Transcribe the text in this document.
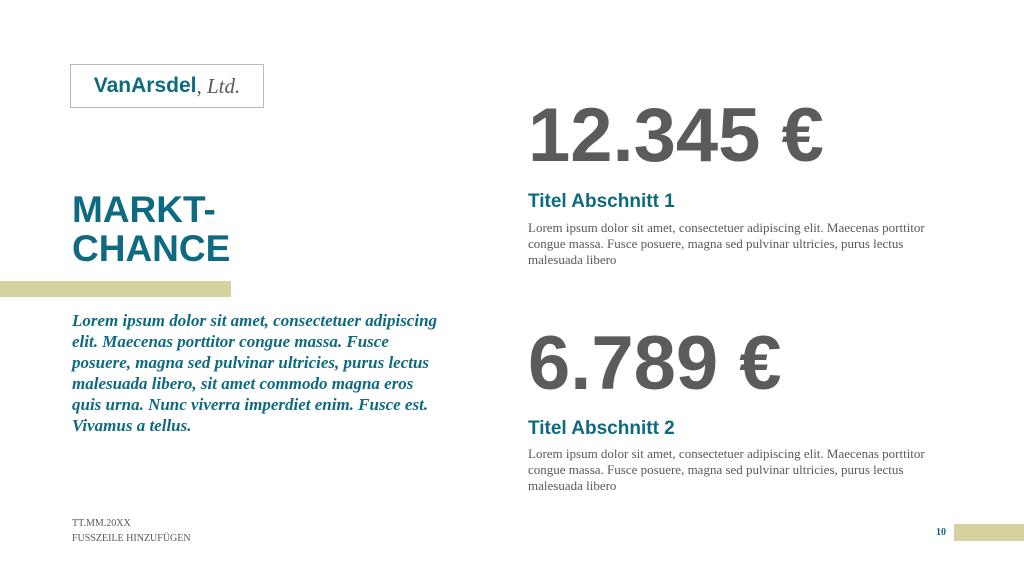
VanArsdel , Ltd.
MARKT-
CHANCE

Lorem ipsum dolor sit amet, consectetuer adipiscing elit. Maecenas porttitor congue massa. Fusce posuere, magna sed pulvinar ultricies, purus lectus malesuada libero, sit amet commodo magna eros quis urna. Nunc viverra imperdiet enim. Fusce est. Vivamus a tellus.

12.345 €
Titel Abschnitt 1

Lorem ipsum dolor sit amet, consectetuer adipiscing elit. Maecenas porttitor congue massa. Fusce posuere, magna sed pulvinar ultricies, purus lectus malesuada libero

6.789 €
Titel Abschnitt 2

Lorem ipsum dolor sit amet, consectetuer adipiscing elit. Maecenas porttitor congue massa. Fusce posuere, magna sed pulvinar ultricies, purus lectus malesuada libero

TT.MM.20XX
FUSSZEILE HINZUFÜGEN
10
